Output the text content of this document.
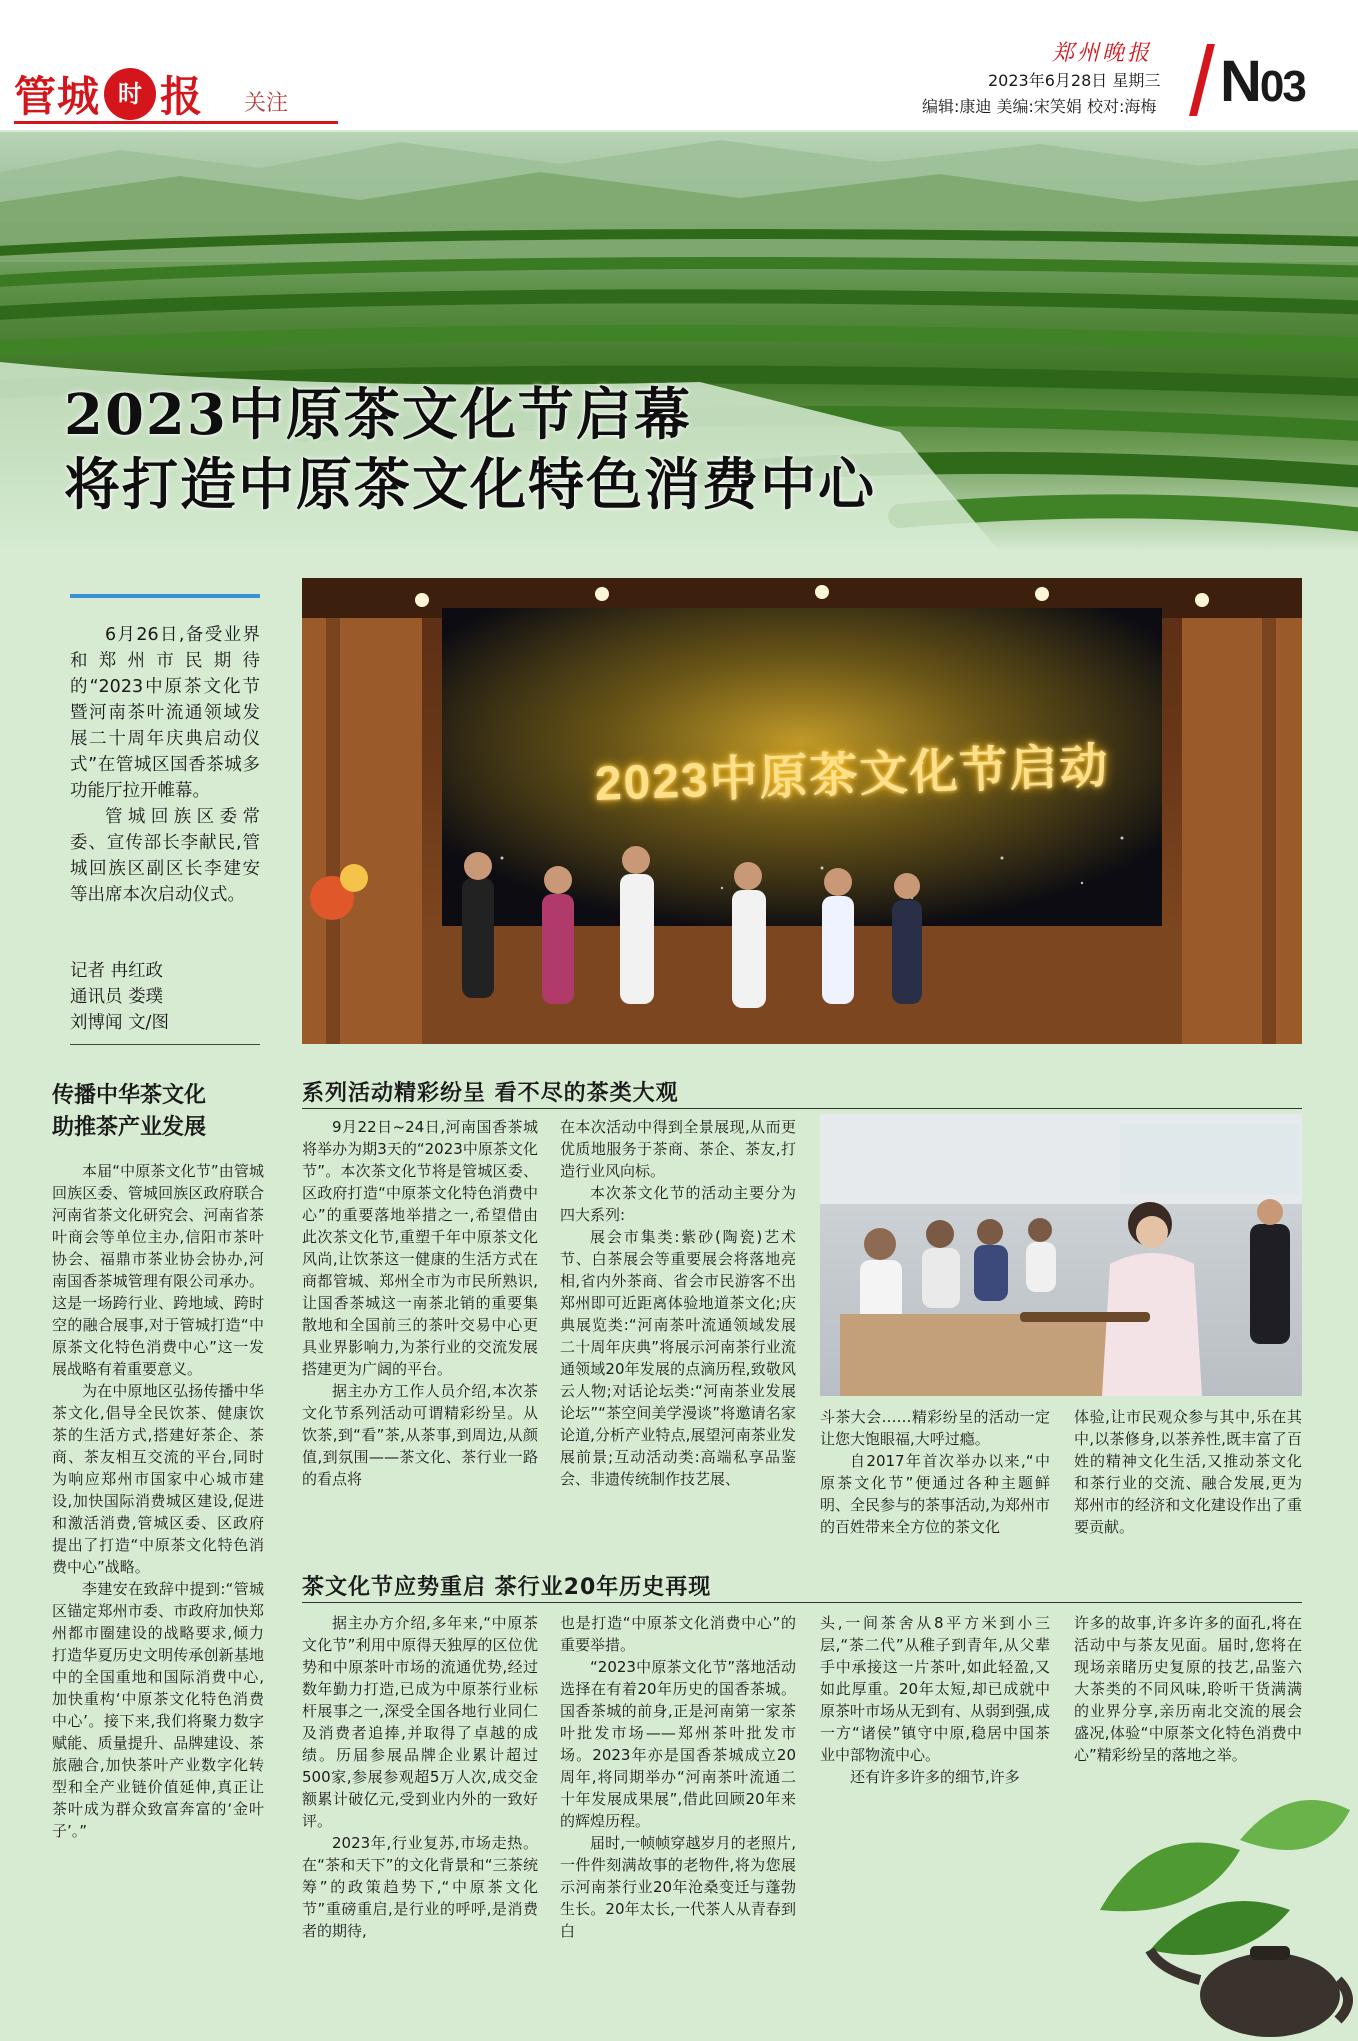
管城 时 报 关注
郑州晚报
2023年6月28日 星期三
编辑:康迪 美编:宋笑娟 校对:海梅 N03
2023中原茶文化节启幕
将打造中原茶文化特色消费中心

6月26日,备受业界和郑州市民期待的“2023中原茶文化节暨河南茶叶流通领域发展二十周年庆典启动仪式”在管城区国香茶城多功能厅拉开帷幕。

管城回族区委常委、宣传部长李献民,管城回族区副区长李建安等出席本次启动仪式。

记者 冉红政
通讯员 娄璞
刘博闻 文/图
2023中原茶文化节启动
传播中华茶文化
助推茶产业发展

本届“中原茶文化节”由管城回族区委、管城回族区政府联合河南省茶文化研究会、河南省茶叶商会等单位主办,信阳市茶叶协会、福鼎市茶业协会协办,河南国香茶城管理有限公司承办。这是一场跨行业、跨地域、跨时空的融合展事,对于管城打造“中原茶文化特色消费中心”这一发展战略有着重要意义。

为在中原地区弘扬传播中华茶文化,倡导全民饮茶、健康饮茶的生活方式,搭建好茶企、茶商、茶友相互交流的平台,同时为响应郑州市国家中心城市建设,加快国际消费城区建设,促进和激活消费,管城区委、区政府提出了打造“中原茶文化特色消费中心”战略。

李建安在致辞中提到:“管城区锚定郑州市委、市政府加快郑州都市圈建设的战略要求,倾力打造华夏历史文明传承创新基地中的全国重地和国际消费中心,加快重构‘中原茶文化特色消费中心’。接下来,我们将聚力数字赋能、质量提升、品牌建设、茶旅融合,加快茶叶产业数字化转型和全产业链价值延伸,真正让茶叶成为群众致富奔富的‘金叶子’。”

系列活动精彩纷呈 看不尽的茶类大观

9月22日~24日,河南国香茶城将举办为期3天的“2023中原茶文化节”。本次茶文化节将是管城区委、区政府打造“中原茶文化特色消费中心”的重要落地举措之一,希望借由此次茶文化节,重塑千年中原茶文化风尚,让饮茶这一健康的生活方式在商都管城、郑州全市为市民所熟识,让国香茶城这一南茶北销的重要集散地和全国前三的茶叶交易中心更具业界影响力,为茶行业的交流发展搭建更为广阔的平台。

据主办方工作人员介绍,本次茶文化节系列活动可谓精彩纷呈。从饮茶,到“看”茶,从茶事,到周边,从颜值,到氛围——茶文化、茶行业一路的看点将

在本次活动中得到全景展现,从而更优质地服务于茶商、茶企、茶友,打造行业风向标。

本次茶文化节的活动主要分为四大系列:

展会市集类:紫砂(陶瓷)艺术节、白茶展会等重要展会将落地亮相,省内外茶商、省会市民游客不出郑州即可近距离体验地道茶文化;庆典展览类:“河南茶叶流通领域发展二十周年庆典”将展示河南茶行业流通领域20年发展的点滴历程,致敬风云人物;对话论坛类:“河南茶业发展论坛”“茶空间美学漫谈”将邀请名家论道,分析产业特点,展望河南茶业发展前景;互动活动类:高端私享品鉴会、非遗传统制作技艺展、

斗茶大会……精彩纷呈的活动一定让您大饱眼福,大呼过瘾。

自2017年首次举办以来,“中原茶文化节”便通过各种主题鲜明、全民参与的茶事活动,为郑州市的百姓带来全方位的茶文化

体验,让市民观众参与其中,乐在其中,以茶修身,以茶养性,既丰富了百姓的精神文化生活,又推动茶文化和茶行业的交流、融合发展,更为郑州市的经济和文化建设作出了重要贡献。

茶文化节应势重启 茶行业20年历史再现

据主办方介绍,多年来,“中原茶文化节”利用中原得天独厚的区位优势和中原茶叶市场的流通优势,经过数年勤力打造,已成为中原茶行业标杆展事之一,深受全国各地行业同仁及消费者追捧,并取得了卓越的成绩。历届参展品牌企业累计超过500家,参展参观超5万人次,成交金额累计破亿元,受到业内外的一致好评。

2023年,行业复苏,市场走热。在“茶和天下”的文化背景和“三茶统筹”的政策趋势下,“中原茶文化节”重磅重启,是行业的呼呼,是消费者的期待,

也是打造“中原茶文化消费中心”的重要举措。

“2023中原茶文化节”落地活动选择在有着20年历史的国香茶城。国香茶城的前身,正是河南第一家茶叶批发市场——郑州茶叶批发市场。2023年亦是国香茶城成立20周年,将同期举办“河南茶叶流通二十年发展成果展”,借此回顾20年来的辉煌历程。

届时,一帧帧穿越岁月的老照片,一件件刻满故事的老物件,将为您展示河南茶行业20年沧桑变迁与蓬勃生长。20年太长,一代茶人从青春到白

头,一间茶舍从8平方米到小三层,“茶二代”从稚子到青年,从父辈手中承接这一片茶叶,如此轻盈,又如此厚重。20年太短,却已成就中原茶叶市场从无到有、从弱到强,成一方“诸侯”镇守中原,稳居中国茶业中部物流中心。

还有许多许多的细节,许多

许多的故事,许多许多的面孔,将在活动中与茶友见面。届时,您将在现场亲睹历史复原的技艺,品鉴六大茶类的不同风味,聆听干货满满的业界分享,亲历南北交流的展会盛况,体验“中原茶文化特色消费中心”精彩纷呈的落地之举。
